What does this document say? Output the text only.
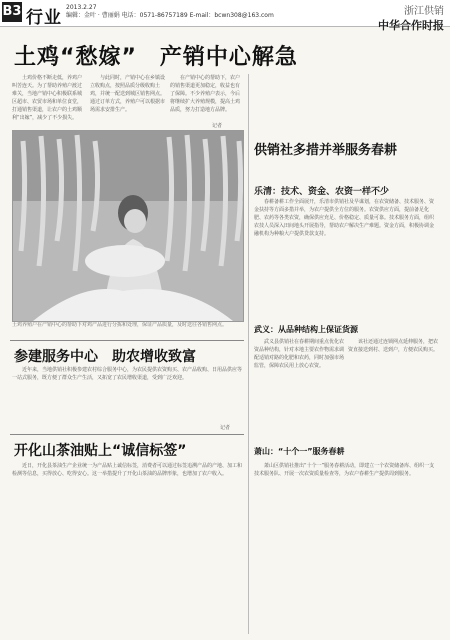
B3 行业
2013.2.27
编辑：金叶 · 曹丽娟 电话：0571-86757189 E-mail：bcwn308@163.com	浙江供销
中华合作时报
土鸡“愁嫁”　产销中心解急
土鸡价格不断走低，养鸡户叫苦连天。为了帮助养殖户渡过难关，当地产销中心积极联系城区超市、农贸市场和单位食堂，打通销售渠道，让农户的土鸡顺利“出嫁”，减少了不少损失。
与此同时，产销中心在乡镇设立收购点，按照品质分级收购土鸡，并统一配送到城区销售网点。通过订单方式，养殖户可以根据市场需求安排生产。
在产销中心的帮助下，农户的销售渠道更加稳定，收益也有了保障。不少养殖户表示，今后将继续扩大养殖规模，提高土鸡品质，努力打造地方品牌。
记者
土鸡养殖户在产销中心的帮助下对鸡产品进行分拣和处理，保证产品质量，及时送往各销售网点。
供销社多措并举服务春耕
乐清：技术、资金、农资一样不少
春耕备耕工作全面展开，乐清市供销社及早谋划，在农资储备、技术服务、资金扶持等方面多措并举，为农户提供全方位的服务。农资供应方面，提前备足化肥、农药等各类农资，确保供应充足、价格稳定、质量可靠。技术服务方面，组织农技人员深入田间地头开展指导，帮助农户解决生产难题。资金方面，积极协调金融机构为种粮大户提供贷款支持。
武义：从品种结构上保证货源
武义县供销社在春耕期间重点优化农资品种结构，针对本地主要农作物需求调配适销对路的化肥和农药，同时加强市场监管，保障农民用上放心农资。
该社还通过连锁网点延伸服务，把农资直接送到村、送到户，方便农民购买。
萧山：“十个一”服务春耕
萧山区供销社推出“十个一”服务春耕活动，即建立一个农资储备库、组织一支技术服务队、开展一次农资质量检查等，为农户春耕生产提供周到服务。
参建服务中心　助农增收致富
近年来，当地供销社积极参建农村综合服务中心，为农民提供农资购买、农产品收购、日用品供应等一站式服务，既方便了群众生产生活，又拓宽了农民增收渠道，受到广泛欢迎。
记者
开化山茶油贴上“诚信标签”
近日，开化县茶油生产企业统一为产品贴上诚信标签，消费者可以通过标签追溯产品的产地、加工和检测等信息，买得放心、吃得安心。这一举措提升了开化山茶油的品牌形象，也增加了农户收入。
